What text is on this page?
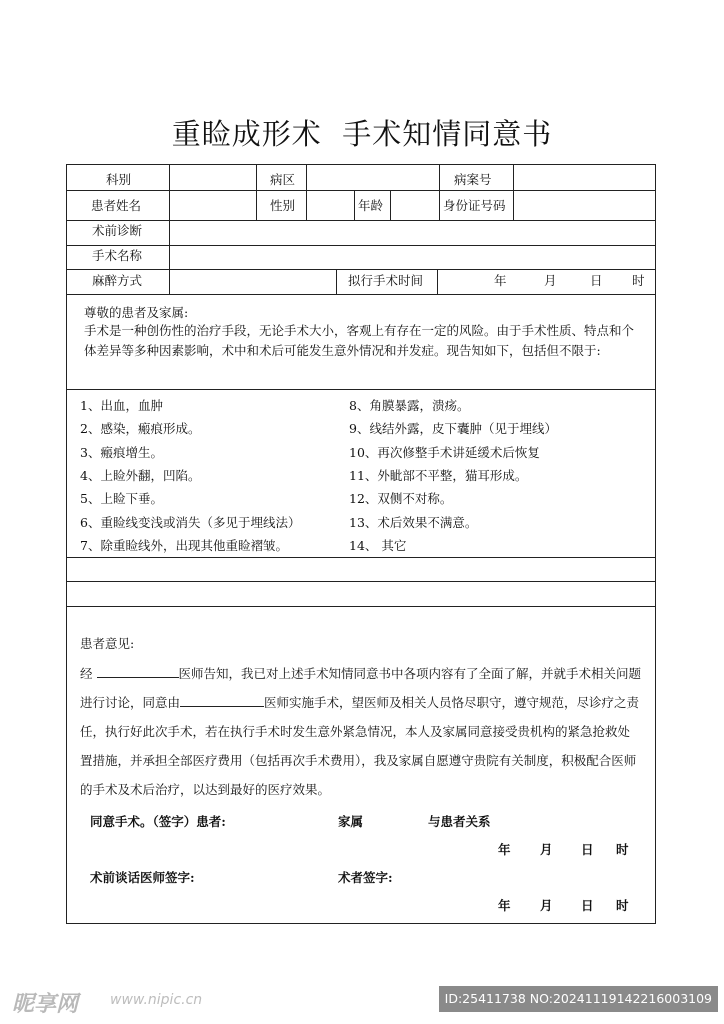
重睑成形术  手术知情同意书
科别	病区	病案号
患者姓名	性别	年龄	身份证号码
术前诊断
手术名称
麻醉方式	拟行手术时间	年	月	日 时
尊敬的患者及家属:
手术是一种创伤性的治疗手段，无论手术大小，客观上有存在一定的风险。由于手术性质、特点和个体差异等多种因素影响，术中和术后可能发生意外情况和并发症。现告知如下，包括但不限于:
1、出血，血肿
2、感染，瘢痕形成。
3、瘢痕增生。
4、上睑外翻，凹陷。
5、上睑下垂。
6、重睑线变浅或消失（多见于埋线法）
7、除重睑线外，出现其他重睑褶皱。
8、角膜暴露，溃疡。
9、线结外露，皮下囊肿（见于埋线）
10、再次修整手术讲延缓术后恢复
11、外眦部不平整，猫耳形成。
12、双侧不对称。
13、术后效果不满意。
14、 其它
患者意见:
经	医师告知，我已对上述手术知情同意书中各项内容有了全面了解，并就手术相关问题进行讨论，同意由	医师实施手术，望医师及相关人员恪尽职守，遵守规范，尽诊疗之责任，执行好此次手术，若在执行手术时发生意外紧急情况，本人及家属同意接受贵机构的紧急抢救处置措施，并承担全部医疗费用（包括再次手术费用），我及家属自愿遵守贵院有关制度，积极配合医师的手术及术后治疗，以达到最好的医疗效果。
同意手术。（签字）患者:	家属	与患者关系
年 月 日 时
术前谈话医师签字:	术者签字:
年 月 日 时
昵享网 www.nipic.cn	ID:25411738 NO:20241119142216003109
